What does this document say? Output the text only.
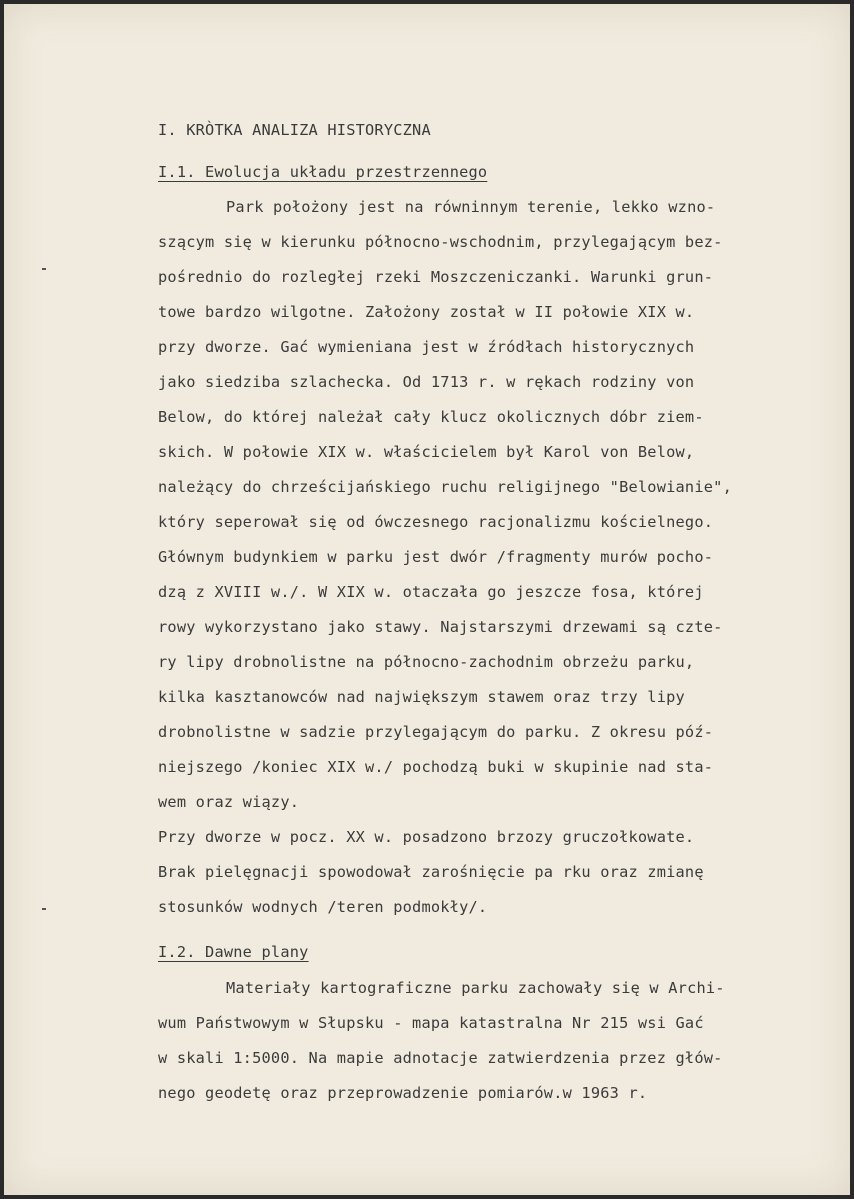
I. KRÒTKA ANALIZA HISTORYCZNA

I.1. Ewolucja układu przestrzennego

Park położony jest na równinnym terenie, lekko wzno-

szącym się w kierunku północno-wschodnim, przylegającym bez-

pośrednio do rozległej rzeki Moszczeniczanki. Warunki grun-

towe bardzo wilgotne. Założony został w II połowie XIX w.

przy dworze. Gać wymieniana jest w źródłach historycznych

jako siedziba szlachecka. Od 1713 r. w rękach rodziny von

Below, do której należał cały klucz okolicznych dóbr ziem-

skich. W połowie XIX w. właścicielem był Karol von Below,

należący do chrześcijańskiego ruchu religijnego "Belowianie",

który seperował się od ówczesnego racjonalizmu kościelnego.

Głównym budynkiem w parku jest dwór /fragmenty murów pocho-

dzą z XVIII w./. W XIX w. otaczała go jeszcze fosa, której

rowy wykorzystano jako stawy. Najstarszymi drzewami są czte-

ry lipy drobnolistne na północno-zachodnim obrzeżu parku,

kilka kasztanowców nad największym stawem oraz trzy lipy

drobnolistne w sadzie przylegającym do parku. Z okresu póź-

niejszego /koniec XIX w./ pochodzą buki w skupinie nad sta-

wem oraz wiązy.

Przy dworze w pocz. XX w. posadzono brzozy gruczołkowate.

Brak pielęgnacji spowodował zarośnięcie pa rku oraz zmianę

stosunków wodnych /teren podmokły/.

I.2. Dawne plany

Materiały kartograficzne parku zachowały się w Archi-

wum Państwowym w Słupsku - mapa katastralna Nr 215 wsi Gać

w skali 1:5000. Na mapie adnotacje zatwierdzenia przez głów-

nego geodetę oraz przeprowadzenie pomiarów.w 1963 r.
